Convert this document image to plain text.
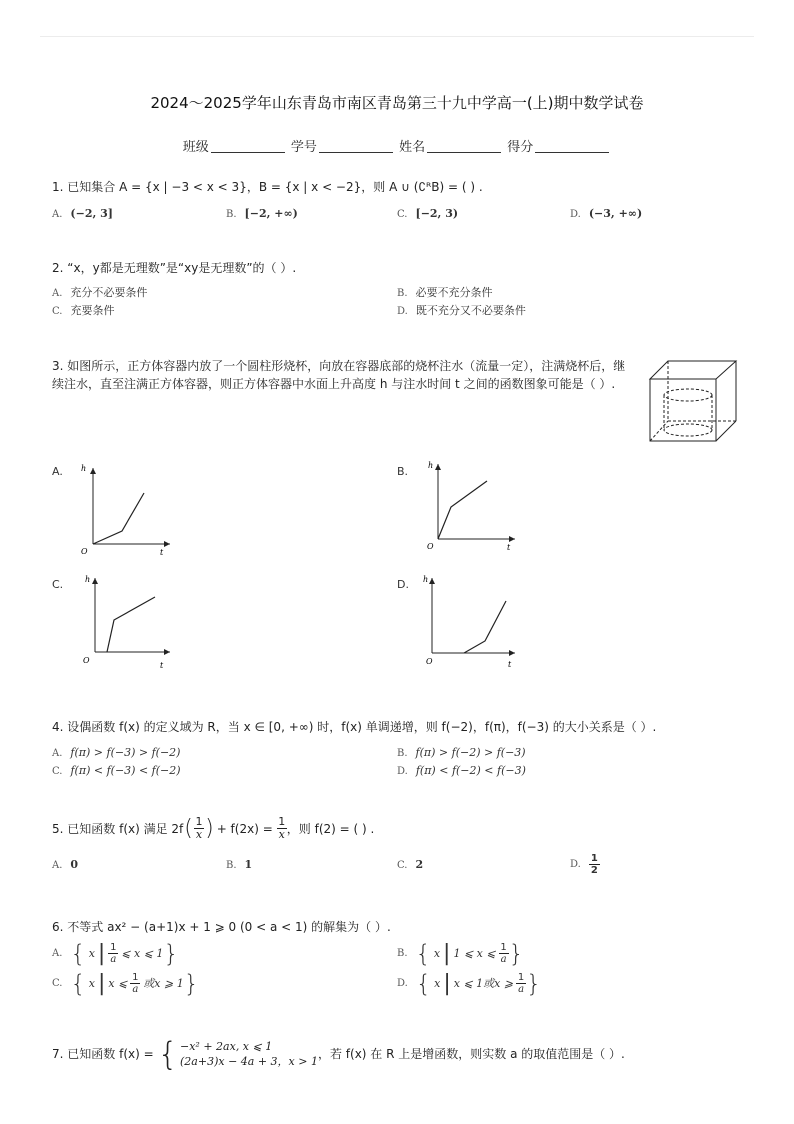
2024～2025学年山东青岛市南区青岛第三十九中学高一(上)期中数学试卷
班级	学号	姓名	得分
1. 已知集合 A = {x | −3 < x < 3}，B = {x | x < −2}，则 A ∪ (∁ᴿB) = ( ) .
A. (−2, 3]	B. [−2, +∞)	C. [−2, 3)	D. (−3, +∞)
2. “x，y都是无理数”是“xy是无理数”的（ ）.
A. 充分不必要条件	B. 必要不充分条件
C. 充要条件	D. 既不充分又不必要条件
3. 如图所示，正方体容器内放了一个圆柱形烧杯，向放在容器底部的烧杯注水（流量一定），注满烧杯后，继
续注水，直至注满正方体容器，则正方体容器中水面上升高度 h 与注水时间 t 之间的函数图象可能是（ ）.
A. h
t
O
B. h
t
O
C.	h
t
O
D. h
t
O
4. 设偶函数 f(x) 的定义域为 R，当 x ∈ [0, +∞) 时，f(x) 单调递增，则 f(−2)，f(π)，f(−3) 的大小关系是（ ）.
A. f(π) > f(−3) > f(−2)	B. f(π) > f(−2) > f(−3)
C. f(π) < f(−3) < f(−2)	D. f(π) < f(−2) < f(−3)
5.
已知函数 f(x) 满足 2f ( 1
x ) + f(2x) =
$\frac{1}{x}$ ，则 f(2) = ( ) .
A. 0	B. 1	C. 2	D. 1
2
6. 不等式 ax² − (a+1)x + 1 ⩾ 0 (0 < a < 1) 的解集为（ ）.
A. { x | 1
a ⩽ x ⩽ 1 }	B. { x | 1 ⩽ x ⩽ 1
a }
C. { x | x ⩽ 1
a 或x ⩾ 1 }	D. { x | x ⩽ 1或x ⩾ 1
a }
7.
已知函数 f(x) = { −x² + 2ax, x ⩽ 1
(2a+3)x − 4a + 3，x > 1
，若 f(x) 在 R 上是增函数，则实数 a 的取值范围是（ ）.
